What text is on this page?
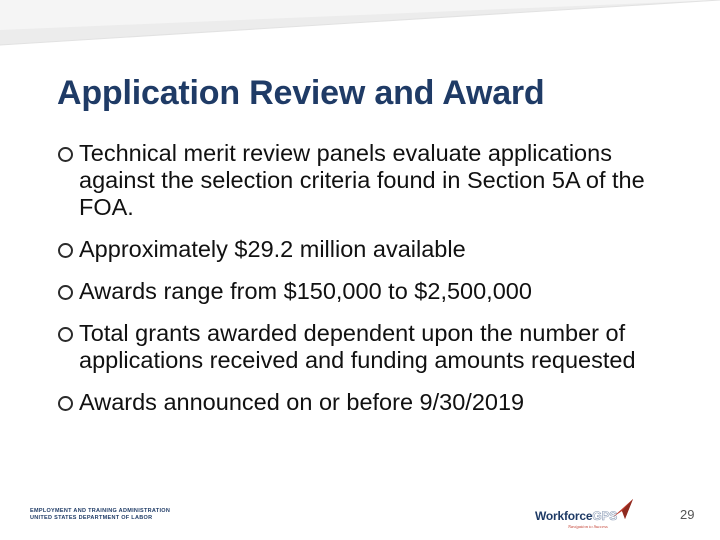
Application Review and Award
Technical merit review panels evaluate applications against the selection criteria found in Section 5A of the FOA.
Approximately $29.2 million available
Awards range from $150,000 to $2,500,000
Total grants awarded dependent upon the number of applications received and funding amounts requested
Awards announced on or before 9/30/2019
EMPLOYMENT AND TRAINING ADMINISTRATION
UNITED STATES DEPARTMENT OF LABOR	WorkforceGPS
Navigation to Success
29
